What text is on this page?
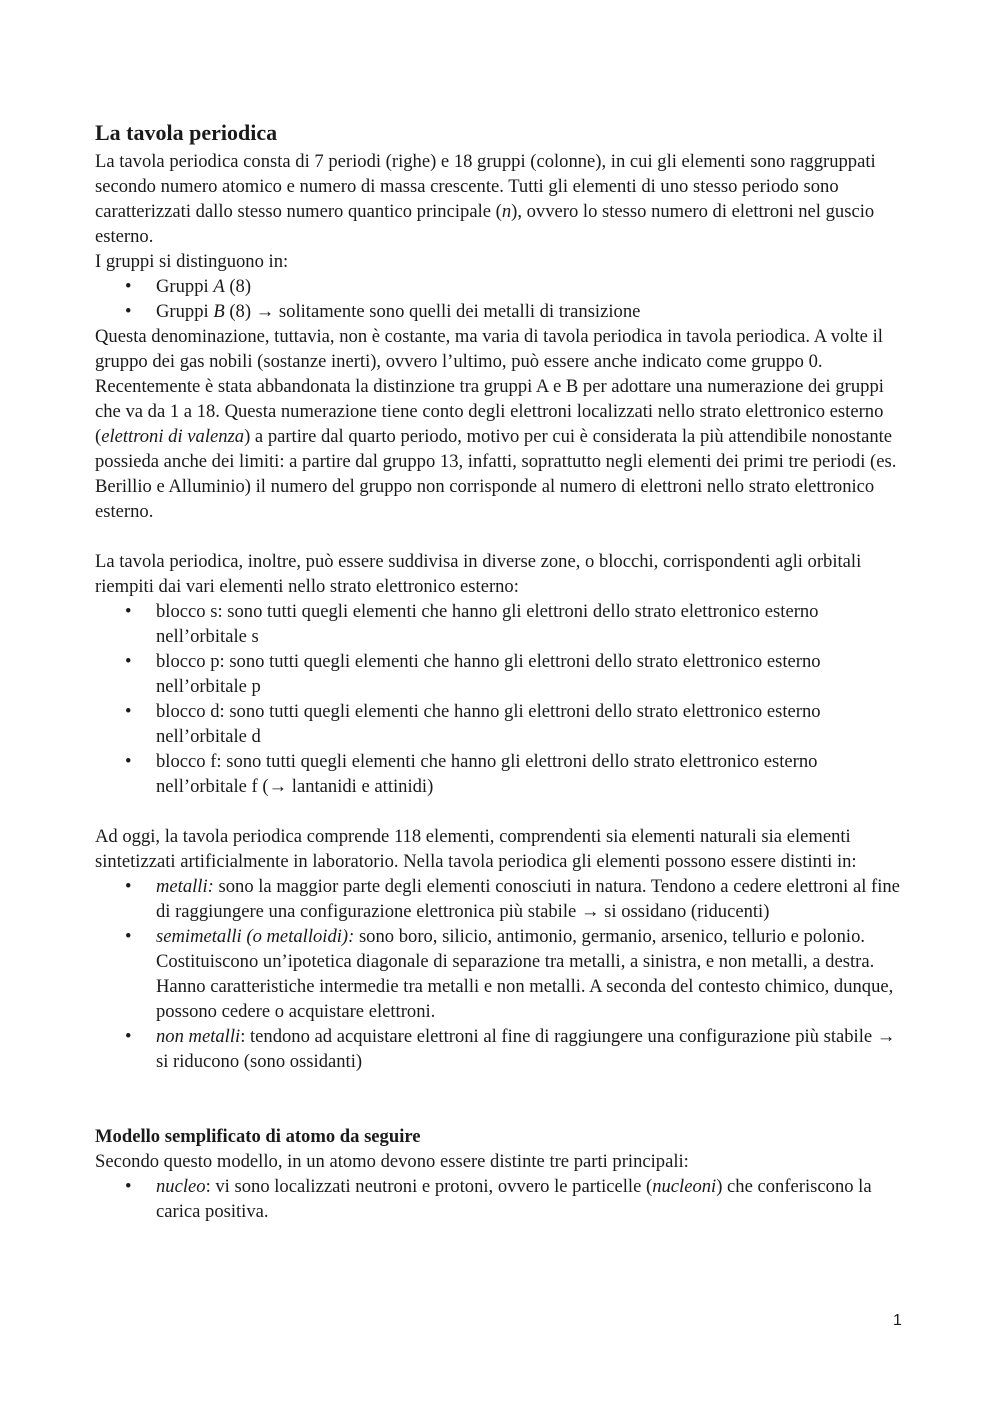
La tavola periodica

La tavola periodica consta di 7 periodi (righe) e 18 gruppi (colonne), in cui gli elementi sono raggruppati secondo numero atomico e numero di massa crescente. Tutti gli elementi di uno stesso periodo sono caratterizzati dallo stesso numero quantico principale (n), ovvero lo stesso numero di elettroni nel guscio esterno.

I gruppi si distinguono in:

• Gruppi A (8)
• Gruppi B (8) → solitamente sono quelli dei metalli di transizione

Questa denominazione, tuttavia, non è costante, ma varia di tavola periodica in tavola periodica. A volte il gruppo dei gas nobili (sostanze inerti), ovvero l’ultimo, può essere anche indicato come gruppo 0.

Recentemente è stata abbandonata la distinzione tra gruppi A e B per adottare una numerazione dei gruppi che va da 1 a 18. Questa numerazione tiene conto degli elettroni localizzati nello strato elettronico esterno (elettroni di valenza) a partire dal quarto periodo, motivo per cui è considerata la più attendibile nonostante possieda anche dei limiti: a partire dal gruppo 13, infatti, soprattutto negli elementi dei primi tre periodi (es. Berillio e Alluminio) il numero del gruppo non corrisponde al numero di elettroni nello strato elettronico esterno.

La tavola periodica, inoltre, può essere suddivisa in diverse zone, o blocchi, corrispondenti agli orbitali riempiti dai vari elementi nello strato elettronico esterno:

• blocco s: sono tutti quegli elementi che hanno gli elettroni dello strato elettronico esterno nell’orbitale s
• blocco p: sono tutti quegli elementi che hanno gli elettroni dello strato elettronico esterno nell’orbitale p
• blocco d: sono tutti quegli elementi che hanno gli elettroni dello strato elettronico esterno nell’orbitale d
• blocco f: sono tutti quegli elementi che hanno gli elettroni dello strato elettronico esterno nell’orbitale f (→ lantanidi e attinidi)

Ad oggi, la tavola periodica comprende 118 elementi, comprendenti sia elementi naturali sia elementi sintetizzati artificialmente in laboratorio. Nella tavola periodica gli elementi possono essere distinti in:

• metalli: sono la maggior parte degli elementi conosciuti in natura. Tendono a cedere elettroni al fine di raggiungere una configurazione elettronica più stabile → si ossidano (riducenti)
• semimetalli (o metalloidi): sono boro, silicio, antimonio, germanio, arsenico, tellurio e polonio. Costituiscono un’ipotetica diagonale di separazione tra metalli, a sinistra, e non metalli, a destra. Hanno caratteristiche intermedie tra metalli e non metalli. A seconda del contesto chimico, dunque, possono cedere o acquistare elettroni.
• non metalli: tendono ad acquistare elettroni al fine di raggiungere una configurazione più stabile → si riducono (sono ossidanti)
Modello semplificato di atomo da seguire

Secondo questo modello, in un atomo devono essere distinte tre parti principali:

• nucleo: vi sono localizzati neutroni e protoni, ovvero le particelle (nucleoni) che conferiscono la carica positiva.
1
